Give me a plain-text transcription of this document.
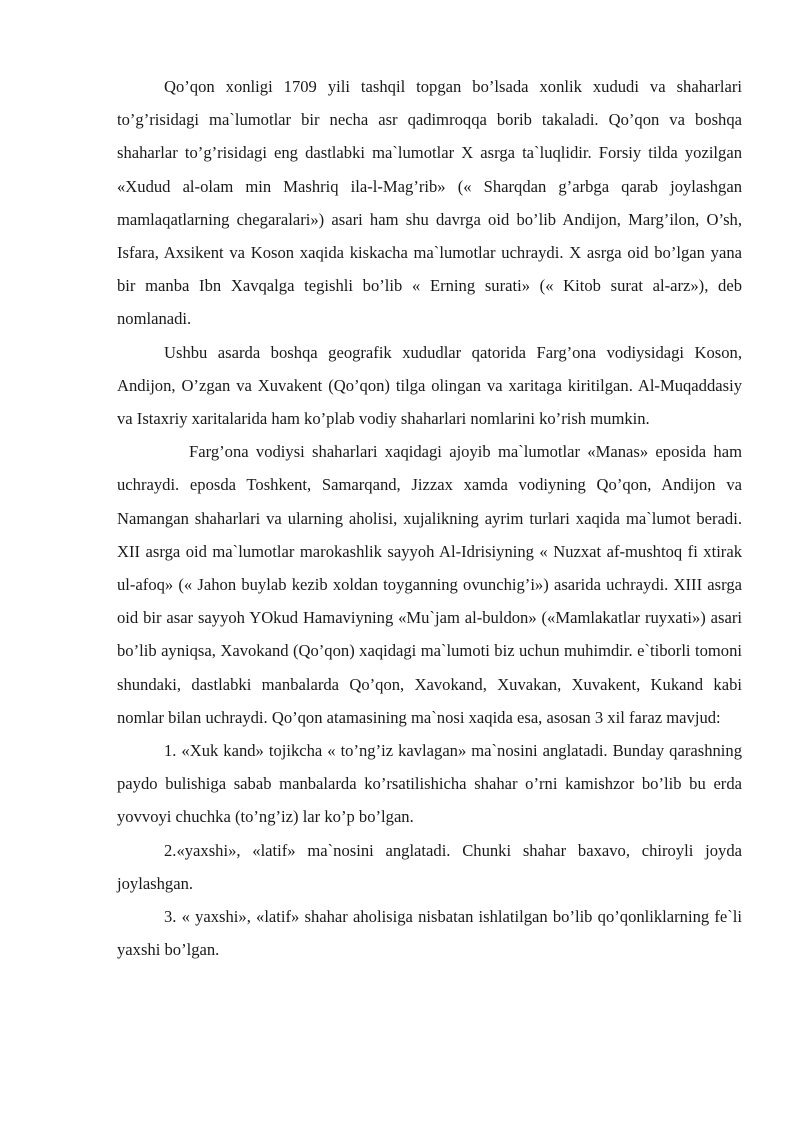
Qo’qon xonligi 1709 yili tashqil topgan bo’lsada xonlik xududi va shaharlari to’g’risidagi ma`lumotlar bir necha asr qadimroqqa borib takaladi. Qo’qon va boshqa shaharlar to’g’risidagi eng dastlabki ma`lumotlar X asrga ta`luqlidir. Forsiy tilda yozilgan «Xudud al-olam min Mashriq ila-l-Mag’rib» (« Sharqdan g’arbga qarab joylashgan mamlaqatlarning chegaralari») asari ham shu davrga oid bo’lib Andijon, Marg’ilon, O’sh, Isfara, Axsikent va Koson xaqida kiskacha ma`lumotlar uchraydi. X asrga oid bo’lgan yana bir manba Ibn Xavqalga tegishli bo’lib « Erning surati» (« Kitob surat al-arz»), deb nomlanadi.

Ushbu asarda boshqa geografik xududlar qatorida Farg’ona vodiysidagi Koson, Andijon, O’zgan va Xuvakent (Qo’qon) tilga olingan va xaritaga kiritilgan. Al-Muqaddasiy va Istaxriy xaritalarida ham ko’plab vodiy shaharlari nomlarini ko’rish mumkin.

Farg’ona vodiysi shaharlari xaqidagi ajoyib ma`lumotlar «Manas» eposida ham uchraydi. eposda Toshkent, Samarqand, Jizzax xamda vodiyning Qo’qon, Andijon va Namangan shaharlari va ularning aholisi, xujalikning ayrim turlari xaqida ma`lumot beradi. XII asrga oid ma`lumotlar marokashlik sayyoh Al-Idrisiyning « Nuzxat af-mushtoq fi xtirak ul-afoq» (« Jahon buylab kezib xoldan toyganning ovunchig’i») asarida uchraydi. XIII asrga oid bir asar sayyoh YOkud Hamaviyning «Mu`jam al-buldon» («Mamlakatlar ruyxati») asari bo’lib ayniqsa, Xavokand (Qo’qon) xaqidagi ma`lumoti biz uchun muhimdir. e`tiborli tomoni shundaki, dastlabki manbalarda Qo’qon, Xavokand, Xuvakan, Xuvakent, Kukand kabi nomlar bilan uchraydi. Qo’qon atamasining ma`nosi xaqida esa, asosan 3 xil faraz mavjud:

1. «Xuk kand» tojikcha « to’ng’iz kavlagan» ma`nosini anglatadi. Bunday qarashning paydo bulishiga sabab manbalarda ko’rsatilishicha shahar o’rni kamishzor bo’lib bu erda yovvoyi chuchka (to’ng’iz) lar ko’p bo’lgan.

2.«yaxshi», «latif» ma`nosini anglatadi. Chunki shahar baxavo, chiroyli joyda joylashgan.

3. « yaxshi», «latif» shahar aholisiga nisbatan ishlatilgan bo’lib qo’qonliklarning fe`li yaxshi bo’lgan.
